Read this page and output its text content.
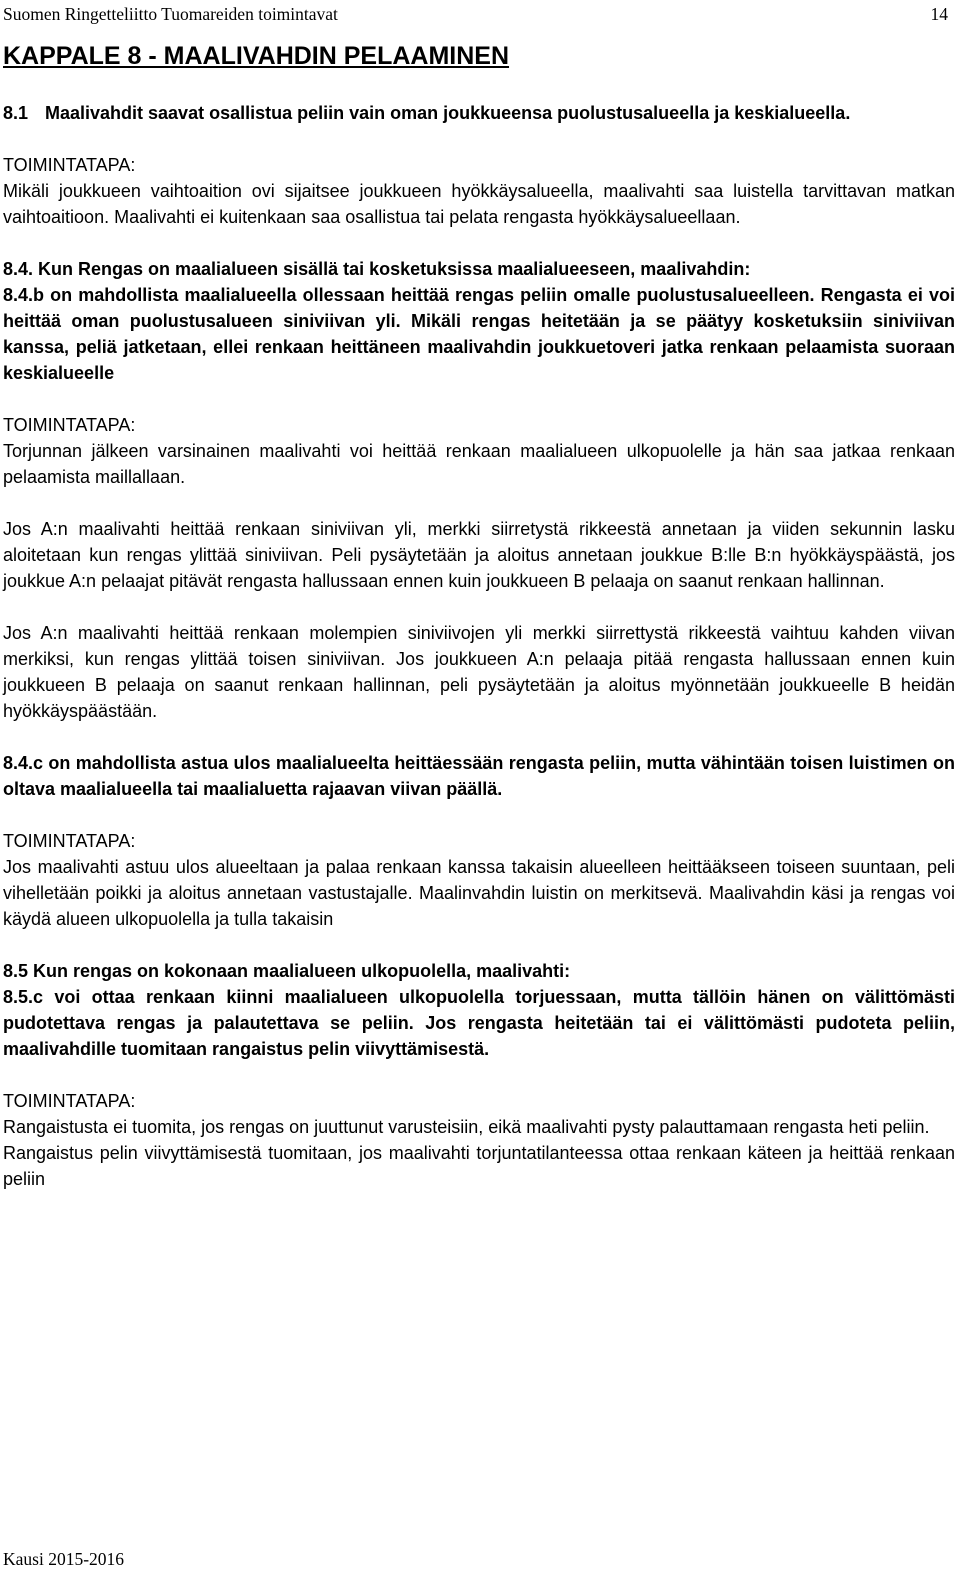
Suomen Ringetteliitto Tuomareiden toimintavat	14
KAPPALE 8 - MAALIVAHDIN PELAAMINEN
8.1 Maalivahdit saavat osallistua peliin vain oman joukkueensa puolustusalueella ja keskialueella.

TOIMINTATAPA:

Mikäli joukkueen vaihtoaition ovi sijaitsee joukkueen hyökkäysalueella, maalivahti saa luistella tarvittavan matkan vaihtoaitioon. Maalivahti ei kuitenkaan saa osallistua tai pelata rengasta hyökkäysalueellaan.

8.4. Kun Rengas on maalialueen sisällä tai kosketuksissa maalialueeseen, maalivahdin:

8.4.b on mahdollista maalialueella ollessaan heittää rengas peliin omalle puolustusalueelleen. Rengasta ei voi heittää oman puolustusalueen siniviivan yli. Mikäli rengas heitetään ja se päätyy kosketuksiin siniviivan kanssa, peliä jatketaan, ellei renkaan heittäneen maalivahdin joukkuetoveri jatka renkaan pelaamista suoraan keskialueelle

TOIMINTATAPA:

Torjunnan jälkeen varsinainen maalivahti voi heittää renkaan maalialueen ulkopuolelle ja hän saa jatkaa renkaan pelaamista maillallaan.

Jos A:n maalivahti heittää renkaan siniviivan yli, merkki siirretystä rikkeestä annetaan ja viiden sekunnin lasku aloitetaan kun rengas ylittää siniviivan. Peli pysäytetään ja aloitus annetaan joukkue B:lle B:n hyökkäyspäästä, jos joukkue A:n pelaajat pitävät rengasta hallussaan ennen kuin joukkueen B pelaaja on saanut renkaan hallinnan.

Jos A:n maalivahti heittää renkaan molempien siniviivojen yli merkki siirrettystä rikkeestä vaihtuu kahden viivan merkiksi, kun rengas ylittää toisen siniviivan. Jos joukkueen A:n pelaaja pitää rengasta hallussaan ennen kuin joukkueen B pelaaja on saanut renkaan hallinnan, peli pysäytetään ja aloitus myönnetään joukkueelle B heidän hyökkäyspäästään.

8.4.c on mahdollista astua ulos maalialueelta heittäessään rengasta peliin, mutta vähintään toisen luistimen on oltava maalialueella tai maalialuetta rajaavan viivan päällä.

TOIMINTATAPA:

Jos maalivahti astuu ulos alueeltaan ja palaa renkaan kanssa takaisin alueelleen heittääkseen toiseen suuntaan, peli vihelletään poikki ja aloitus annetaan vastustajalle. Maalinvahdin luistin on merkitsevä. Maalivahdin käsi ja rengas voi käydä alueen ulkopuolella ja tulla takaisin

8.5 Kun rengas on kokonaan maalialueen ulkopuolella, maalivahti:

8.5.c voi ottaa renkaan kiinni maalialueen ulkopuolella torjuessaan, mutta tällöin hänen on välittömästi pudotettava rengas ja palautettava se peliin. Jos rengasta heitetään tai ei välittömästi pudoteta peliin, maalivahdille tuomitaan rangaistus pelin viivyttämisestä.

TOIMINTATAPA:

Rangaistusta ei tuomita, jos rengas on juuttunut varusteisiin, eikä maalivahti pysty palauttamaan rengasta heti peliin.

Rangaistus pelin viivyttämisestä tuomitaan, jos maalivahti torjuntatilanteessa ottaa renkaan käteen ja heittää renkaan peliin

Kausi 2015-2016
